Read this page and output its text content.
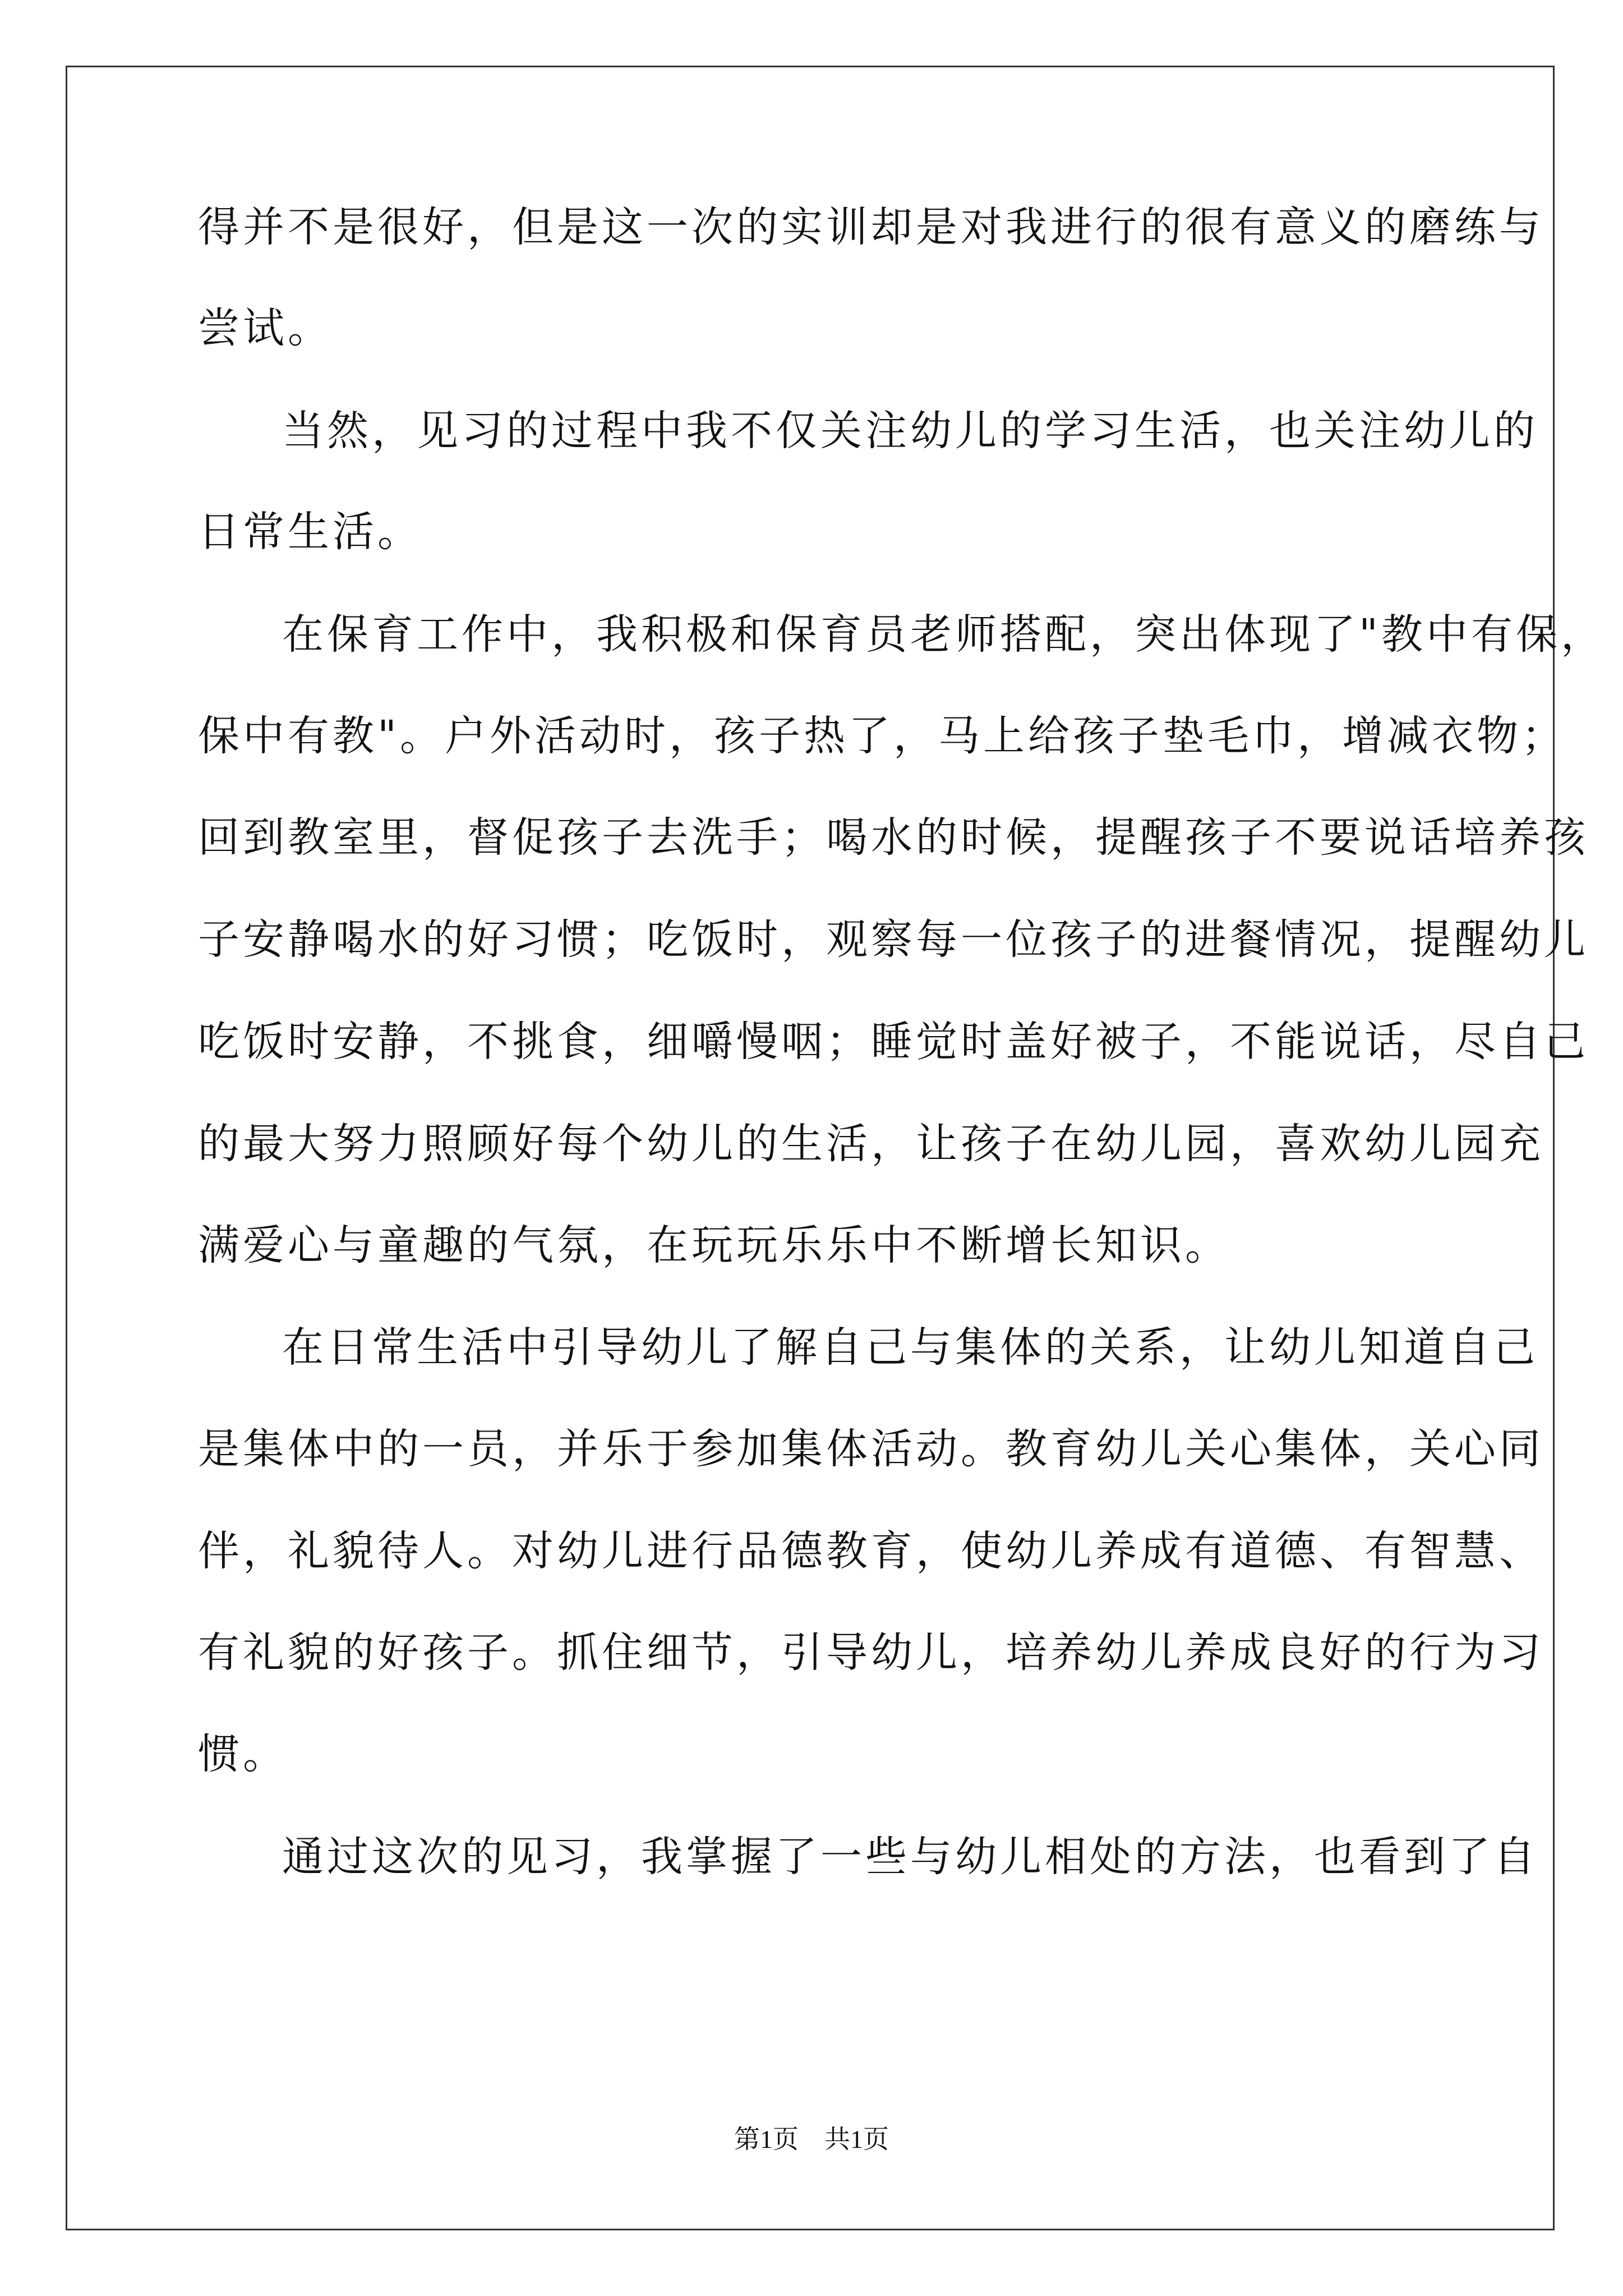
得并不是很好，但是这一次的实训却是对我进行的很有意义的磨练与
尝试。
当然，见习的过程中我不仅关注幼儿的学习生活，也关注幼儿的
日常生活。
在保育工作中，我积极和保育员老师搭配，突出体现了"教中有保，
保中有教"。户外活动时，孩子热了，马上给孩子垫毛巾，增减衣物；
回到教室里，督促孩子去洗手；喝水的时候，提醒孩子不要说话培养孩
子安静喝水的好习惯；吃饭时，观察每一位孩子的进餐情况，提醒幼儿
吃饭时安静，不挑食，细嚼慢咽；睡觉时盖好被子，不能说话，尽自己
的最大努力照顾好每个幼儿的生活，让孩子在幼儿园，喜欢幼儿园充
满爱心与童趣的气氛，在玩玩乐乐中不断增长知识。
在日常生活中引导幼儿了解自己与集体的关系，让幼儿知道自己
是集体中的一员，并乐于参加集体活动。教育幼儿关心集体，关心同
伴，礼貌待人。对幼儿进行品德教育，使幼儿养成有道德、有智慧、
有礼貌的好孩子。抓住细节，引导幼儿，培养幼儿养成良好的行为习
惯。
通过这次的见习，我掌握了一些与幼儿相处的方法，也看到了自
第1页　共1页
